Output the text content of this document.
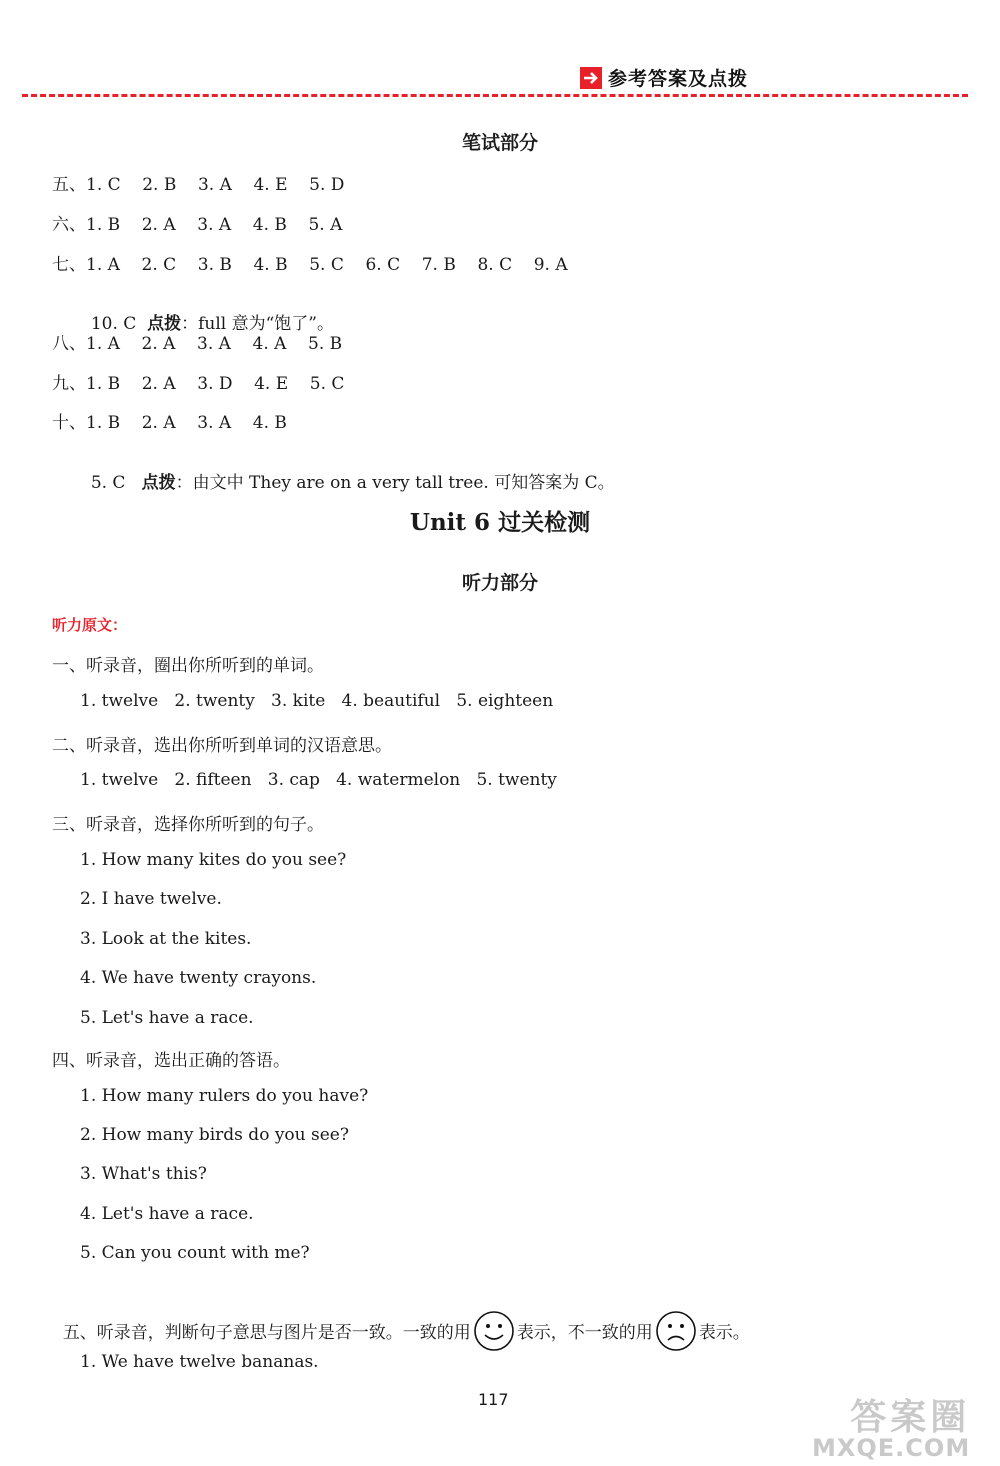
参考答案及点拨
笔试部分
五、1. C    2. B    3. A    4. E    5. D
六、1. B    2. A    3. A    4. B    5. A
七、1. A    2. C    3. B    4. B    5. C    6. C    7. B    8. C    9. A

10. C  点拨：full 意为“饱了”。

八、1. A    2. A    3. A    4. A    5. B
九、1. B    2. A    3. D    4. E    5. C
十、1. B    2. A    3. A    4. B

5. C   点拨：由文中 They are on a very tall tree. 可知答案为 C。

Unit 6 过关检测
听力部分
听力原文：
一、听录音，圈出你所听到的单词。
1. twelve   2. twenty   3. kite   4. beautiful   5. eighteen
二、听录音，选出你所听到单词的汉语意思。
1. twelve   2. fifteen   3. cap   4. watermelon   5. twenty
三、听录音，选择你所听到的句子。
1. How many kites do you see?
2. I have twelve.
3. Look at the kites.
4. We have twenty crayons.
5. Let's have a race.
四、听录音，选出正确的答语。
1. How many rulers do you have?
2. How many birds do you see?
3. What's this?
4. Let's have a race.
5. Can you count with me?

五、听录音，判断句子意思与图片是否一致。一致的用	表示，不一致的用	表示。

1. We have twelve bananas.
117	答案圈
MXQE.COM
